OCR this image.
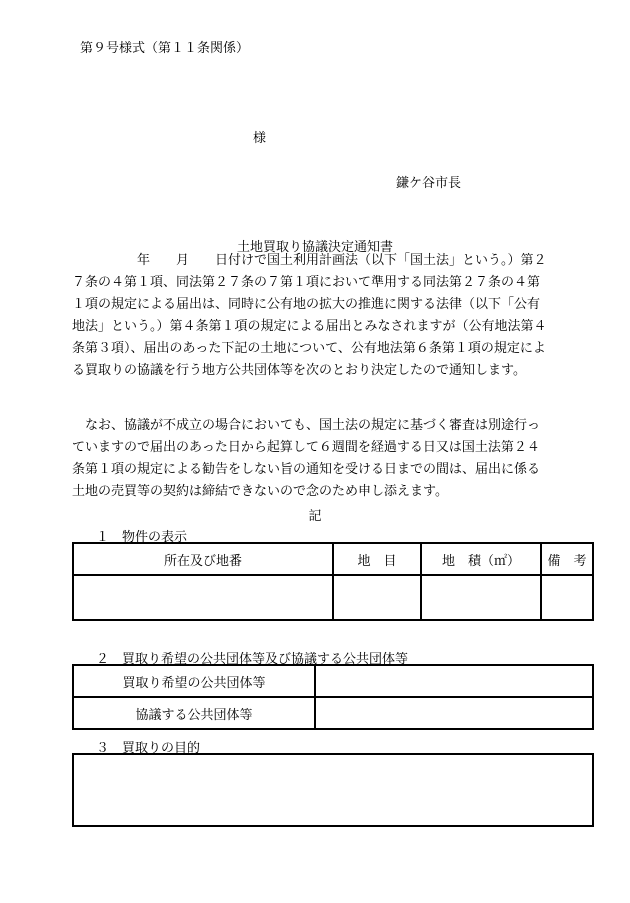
第９号様式（第１１条関係）
様
鎌ケ谷市長
土地買取り協議決定通知書
　　　　　年　　月　　日付けで国土利用計画法（以下「国土法」という。）第２
７条の４第１項、同法第２７条の７第１項において準用する同法第２７条の４第
１項の規定による届出は、同時に公有地の拡大の推進に関する法律（以下「公有
地法」という。）第４条第１項の規定による届出とみなされますが（公有地法第４
条第３項）、届出のあった下記の土地について、公有地法第６条第１項の規定によ
る買取りの協議を行う地方公共団体等を次のとおり決定したので通知します。
　なお、協議が不成立の場合においても、国土法の規定に基づく審査は別途行っ
ていますので届出のあった日から起算して６週間を経過する日又は国土法第２４
条第１項の規定による勧告をしない旨の通知を受ける日までの間は、届出に係る
土地の売買等の契約は締結できないので念のため申し添えます。
記
１　物件の表示
所在及び地番	地　目	地　積（㎡）	備　考

２　買取り希望の公共団体等及び協議する公共団体等
買取り希望の公共団体等	
協議する公共団体等	
３　買取りの目的
